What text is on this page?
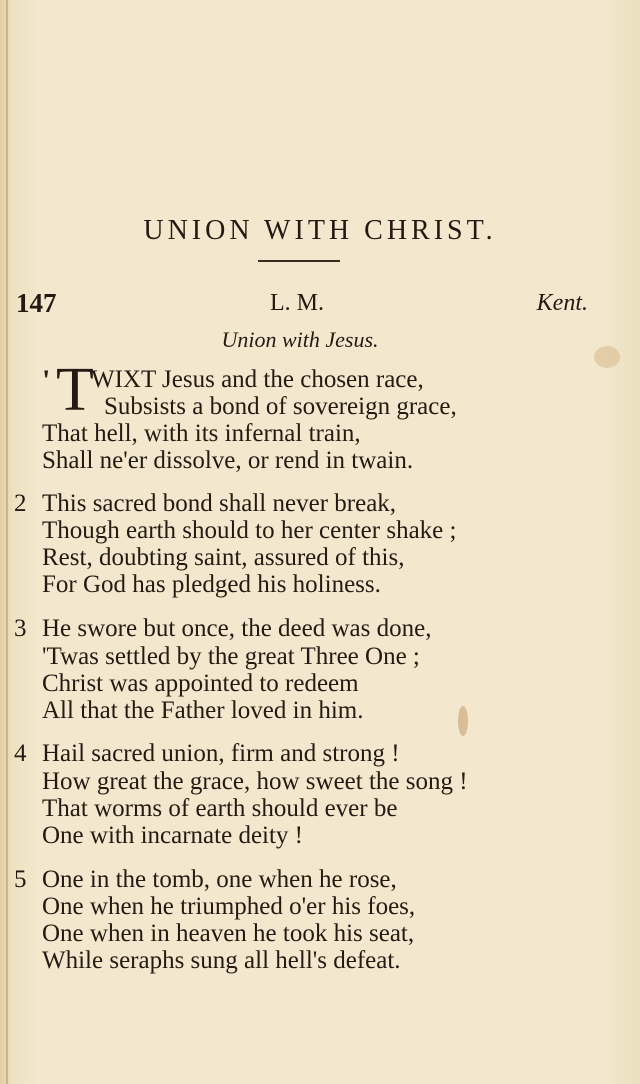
UNION WITH CHRIST.
147	L. M.	Kent.
Union with Jesus.
' T
WIXT Jesus and the chosen race,
Subsists a bond of sovereign grace,
That hell, with its infernal train,
Shall ne'er dissolve, or rend in twain.
2 This sacred bond shall never break,
Though earth should to her center shake ;
Rest, doubting saint, assured of this,
For God has pledged his holiness.
3 He swore but once, the deed was done,
'Twas settled by the great Three One ;
Christ was appointed to redeem
All that the Father loved in him.
4 Hail sacred union, firm and strong !
How great the grace, how sweet the song !
That worms of earth should ever be
One with incarnate deity !
5 One in the tomb, one when he rose,
One when he triumphed o'er his foes,
One when in heaven he took his seat,
While seraphs sung all hell's defeat.
